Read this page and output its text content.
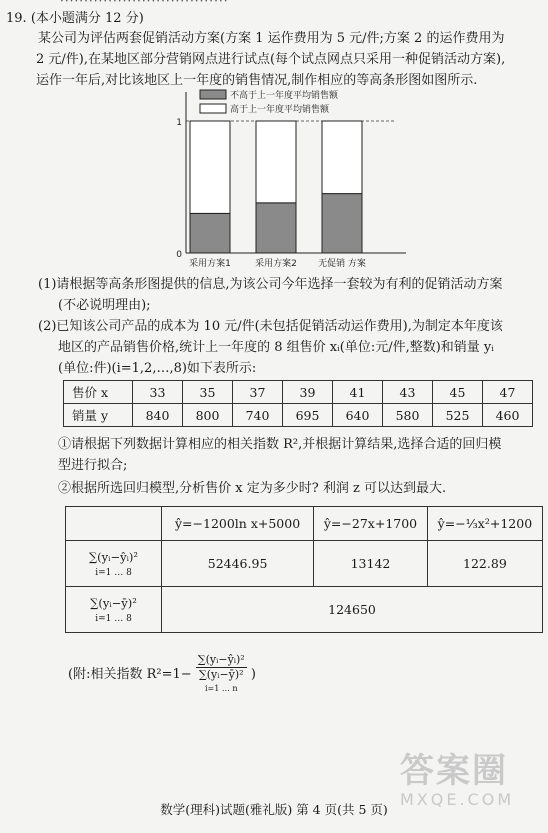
19. (本小题满分 12 分)
某公司为评估两套促销活动方案(方案 1 运作费用为 5 元/件;方案 2 的运作费用为
2 元/件),在某地区部分营销网点进行试点(每个试点网点只采用一种促销活动方案),
运作一年后,对比该地区上一年度的销售情况,制作相应的等高条形图如图所示.
0
1
采用方案1	采用方案2 无促销 方案
不高于上一年度平均销售额
高于上一年度平均销售额
(1)请根据等高条形图提供的信息,为该公司今年选择一套较为有利的促销活动方案
(不必说明理由);
(2)已知该公司产品的成本为 10 元/件(未包括促销活动运作费用),为制定本年度该
地区的产品销售价格,统计上一年度的 8 组售价 xᵢ(单位:元/件,整数)和销量 yᵢ
(单位:件)(i=1,2,…,8)如下表所示:
售价 x	33	35	37	39	41	43	45	47
销量 y	840	800	740	695	640	580	525	460
①请根据下列数据计算相应的相关指数 R²,并根据计算结果,选择合适的回归模
型进行拟合;
②根据所选回归模型,分析售价 x 定为多少时? 利润 z 可以达到最大.
	ŷ=−1200ln x+5000	ŷ=−27x+1700	ŷ=−⅓x²+1200
∑(yᵢ−ŷᵢ)²
i=1 … 8	52446.95	13142	122.89
∑(yᵢ−ȳ)²
i=1 … 8	124650		
(附:相关指数 R²=1−
∑(yᵢ−ŷᵢ)²
∑(yᵢ−ȳ)²
i=1 … n
)
答案圈
MXQE.COM
数学(理科)试题(雅礼版) 第 4 页(共 5 页)
